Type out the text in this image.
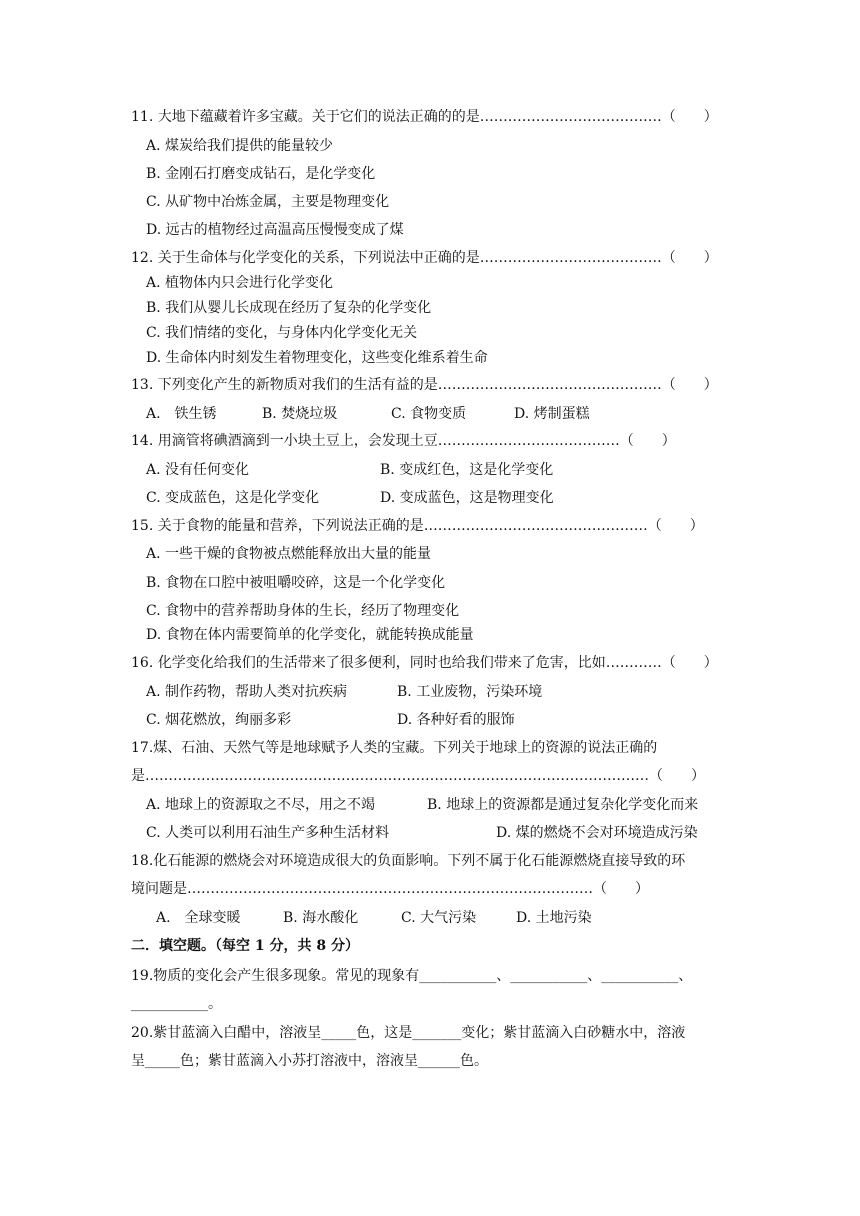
11. 大地下蕴藏着许多宝藏。关于它们的说法正确的的是…………………………………（　　）
A. 煤炭给我们提供的能量较少
B. 金刚石打磨变成钻石，是化学变化
C. 从矿物中冶炼金属，主要是物理变化
D. 远古的植物经过高温高压慢慢变成了煤
12. 关于生命体与化学变化的关系，下列说法中正确的是…………………………………（　　）
A. 植物体内只会进行化学变化
B. 我们从婴儿长成现在经历了复杂的化学变化
C. 我们情绪的变化，与身体内化学变化无关
D. 生命体内时刻发生着物理变化，这些变化维系着生命
13. 下列变化产生的新物质对我们的生活有益的是…………………………………………（　　）
A.　铁生锈	B. 焚烧垃圾	C. 食物变质	D. 烤制蛋糕
14. 用滴管将碘酒滴到一小块土豆上，会发现土豆…………………………………（　　）
A. 没有任何变化	B. 变成红色，这是化学变化
C. 变成蓝色，这是化学变化	D. 变成蓝色，这是物理变化
15. 关于食物的能量和营养，下列说法正确的是…………………………………………（　　）
A. 一些干燥的食物被点燃能释放出大量的能量
B. 食物在口腔中被咀嚼咬碎，这是一个化学变化
C. 食物中的营养帮助身体的生长，经历了物理变化
D. 食物在体内需要简单的化学变化，就能转换成能量
16. 化学变化给我们的生活带来了很多便利，同时也给我们带来了危害，比如…………（　　）
A. 制作药物，帮助人类对抗疾病	B. 工业废物，污染环境
C. 烟花燃放，绚丽多彩	D. 各种好看的服饰
17.煤、石油、天然气等是地球赋予人类的宝藏。下列关于地球上的资源的说法正确的
是………………………………………………………………………………………………（　　）
A. 地球上的资源取之不尽，用之不竭	B. 地球上的资源都是通过复杂化学变化而来
C. 人类可以利用石油生产多种生活材料	D. 煤的燃烧不会对环境造成污染
18.化石能源的燃烧会对环境造成很大的负面影响。下列不属于化石能源燃烧直接导致的环
境问题是……………………………………………………………………………（　　）
A.　全球变暖	B. 海水酸化	C. 大气污染	D. 土地污染
二．填空题。（每空 1 分，共 8 分）
19.物质的变化会产生很多现象。常见的现象有___________、___________、___________、
___________。
20.紫甘蓝滴入白醋中，溶液呈_____色，这是_______变化；紫甘蓝滴入白砂糖水中，溶液
呈_____色；紫甘蓝滴入小苏打溶液中，溶液呈______色。
